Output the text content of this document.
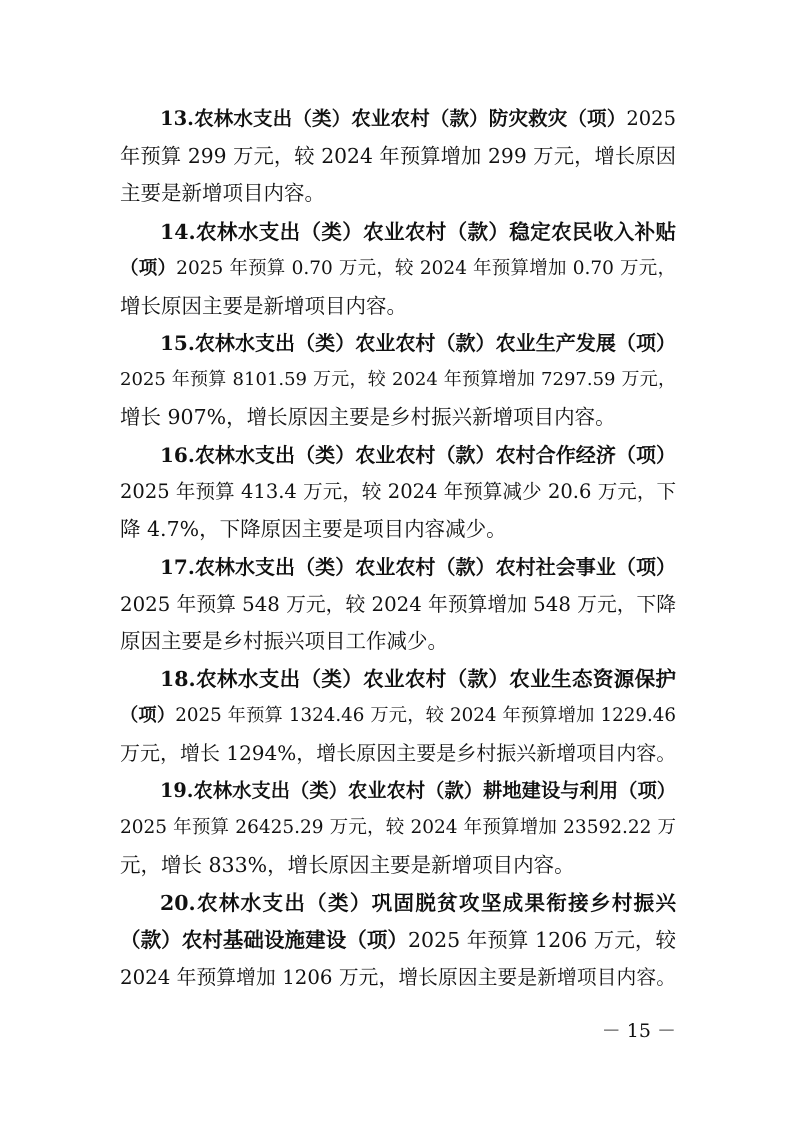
13.农林水支出（类）农业农村（款）防灾救灾（项）2025
年预算 299 万元，较 2024 年预算增加 299 万元，增长原因
主要是新增项目内容。
14.农林水支出（类）农业农村（款）稳定农民收入补贴
（项）2025 年预算 0.70 万元，较 2024 年预算增加 0.70 万元，
增长原因主要是新增项目内容。
15.农林水支出（类）农业农村（款）农业生产发展（项）
2025 年预算 8101.59 万元，较 2024 年预算增加 7297.59 万元，
增长 907%，增长原因主要是乡村振兴新增项目内容。
16.农林水支出（类）农业农村（款）农村合作经济（项）
2025 年预算 413.4 万元，较 2024 年预算减少 20.6 万元，下
降 4.7%，下降原因主要是项目内容减少。
17.农林水支出（类）农业农村（款）农村社会事业（项）
2025 年预算 548 万元，较 2024 年预算增加 548 万元，下降
原因主要是乡村振兴项目工作减少。
18.农林水支出（类）农业农村（款）农业生态资源保护
（项）2025 年预算 1324.46 万元，较 2024 年预算增加 1229.46
万元，增长 1294%，增长原因主要是乡村振兴新增项目内容。
19.农林水支出（类）农业农村（款）耕地建设与利用（项）
2025 年预算 26425.29 万元，较 2024 年预算增加 23592.22 万
元，增长 833%，增长原因主要是新增项目内容。
20.农林水支出（类）巩固脱贫攻坚成果衔接乡村振兴
（款）农村基础设施建设（项）2025 年预算 1206 万元，较
2024 年预算增加 1206 万元，增长原因主要是新增项目内容。
－ 15 －
